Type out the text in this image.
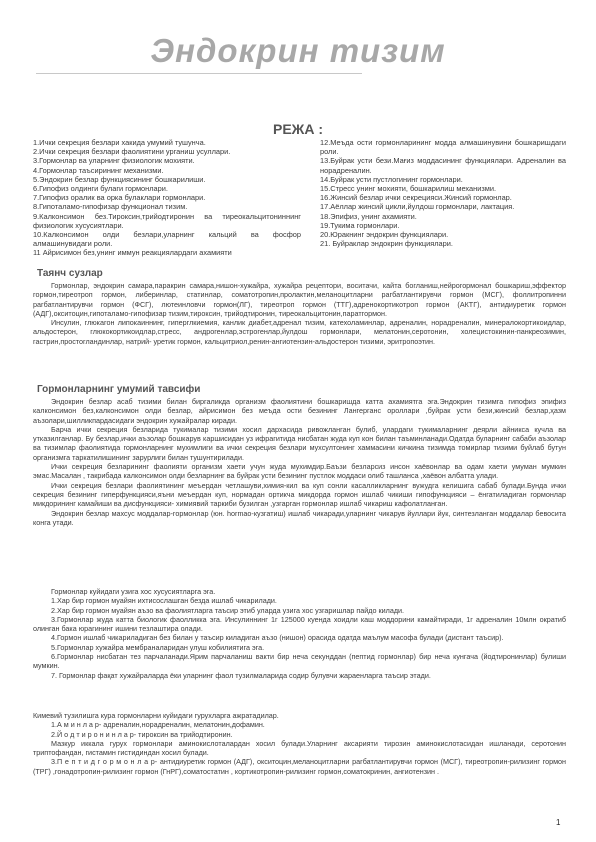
Эндокрин тизим
РЕЖА :
1.Ички секреция безлари хакида умумий тушунча.
2.Ички секреция безлари фаолиятини урганиш усуллари.
3.Гормонлар ва уларнинг физиологик мохияти.
4.Гормонлар таъсирининг механизми.
5.Эндокрин безлар функциясининг бошкарилиши.
6.Гипофиз олдинги булаги гормонлари.
7.Гипофиз оралик ва орка булаклари гормонлари.
8.Гипоталамо-гипофизар функционал тизим.
9.Калконсимон без.Тироксин,трийодтиронин ва тиреокальцитониннинг физиологик хусусиятлари.
10.Калконсимон олди безлари,уларнинг кальций ва фосфор алмашинувидаги роли.
11 Айрисимон без,унинг иммун реакциялардаги ахамияти
12.Меъда ости гормонларининг модда алмашинувини бошкаришдаги роли.
13.Буйрак усти бези.Мағиз моддасининг функциялари. Адреналин ва норадреналин.
14.Буйрак усти пустлогининг гормонлари.
15.Стресс унинг мохияти, бошкарилиш механизми.
16.Жинсий безлар ички секрецияси.Жинсий гормонлар.
17.Аёллар жинсий цикли,йулдош гормонлари, лактация.
18.Эпифиз, унинг ахамияти.
19.Тукима гормонлари.
20.Юракнинг эндокрин функциялари.
21. Буйраклар эндокрин функциялари.
Таянч сузлар

Гормонлар, эндокрин самара,паракрин самара,нишон-хужайра, хужайра рецептори, воситачи, кайта богланиш,нейрогормонал бошкариш,эффектор гормон,тиреотроп гормон, либеринлар, статинлар, соматотропин,пролактин,меланоцитларни рагбатлантирувчи гормон (МСГ), фоллитропинни рагбатлантирувчи гормон (ФСГ), лютеинловчи гормон(ЛГ), тиреотроп гормон (ТТГ),адренокортикотроп гормон (АКТГ), антидиуретик гормон (АДГ),окситоцин,гипоталамо-гипофизар тизим,тироксин, трийодтиронин, тиреокальцитонин,паратгормон.

Инсулин, глюкагон липокаиннинг, гиперглкиемия, канлик диабет,адренал тизим, катехоламинлар, адреналин, норадреналин, минералокортикоидлар, альдостерон, глюкокортикоидлар,стресс, андрогенлар,эстрогенлар,йулдош гормонлари, мелатонин,серотонин, холецистокинин-панкреозимин, гастрин,простогландинлар, натрий- уретик гормон, кальцитриол,ренин-ангиотензин-альдостерон тизими, эритропоэтин.

Гормонларнинг умумий тавсифи

Эндокрин безлар асаб тизими билан биргаликда организм фаолиятини бошкаришда катта ахамиятга эга.Эндокрин тизимга гипофиз эпифиз калконсимон без,калконсимон олди безлар, айрисимон без меъда ости безининг Лангерганс ороллари ,буйрак усти бези,жинсий безлар,ҳазм аъзолари,шилликпардасидаги эндокрин хужайралар киради.

Барча ички секреция безларида тукималар тизими хосил дархасида ривожланган булиб, улардаги тукималарнинг деярли айникса кучла ва утказилганлар. Бу безлар,ички аъзолар бошкарув каршисидан уз ифрагитида нисбатан жуда куп кон билан таъминланади.Одатда буларнинг сабаби аъзолар ва тизимлар фаолиятида гормонларнинг мухимлиги ва ички секреция безлари мухсултонинг хаммасини кичкина тизимда томирлар тизими буйлаб бутун организмга таркатилишининг зарурлиги билан тушунтирилади.

Ички секреция безларининг фаолияти организм хаети учун жуда мухимдир.Баъзи безларсиз инсон хаёвонлар ва одам хаети умуман мумкин эмас.Масалан , такрибада калконсимон олди безларнинг ва буйрак усти безининг пустлок моддаси олиб ташланса ,хаёвон албатта улади.

Ички секреция безлари фаолиятининг меъердан четлашуви,химия-кил ва куп сонли касалликларнинг вужудга келишига сабаб булади.Бунда ички секреция безининг гиперфункцияси,яъни меъердан куп, нормадан ортикча микдорда гормон ишлаб чикиши гипофункцияси – ёнгатиладиган гормонлар микдорининг камайиши ва дисфункцияси- химиявий таркиби бузилган ,узгарган гормонлар ишлаб чикариш кафолатланган.

Эндокрин безлар махсус моддалар-гормонлар (юн. hormao-кузгатиш) ишлаб чикаради,уларнинг чикарув йуллари йук, синтезланган моддалар бевосита конга утади.

Гормонлар куйидаги узига хос хусусиятларга эга.

1.Хар бир гормон муайян ихтисослашган безда ишлаб чикарилади.

2.Хар бир гормон муайян аъзо ва фаолиятларга таъсир этиб уларда узига хос узгаришлар пайдо килади.

3.Гормонлар жуда катта биологик фаолликка эга. Инсулиннинг 1г 125000 куенда хоидли каш моддорини камайтиради, 1г адреналин 10млн ократиб олинган бака юрагининг ишини тезлаштира олади.

4.Гормон ишлаб чикариладиган без билан у таъсир киладиган аъзо (нишон) орасида одатда маълум масофа булади (дистант таъсир).

5.Гормонлар хужайра мембраналаридан улуш кобилиятига эга.

6.Гормонлар нисбатан тез парчаланади.Ярим парчаланиш вакти бир неча секунддан (пептид гормонлар) бир неча кунгача (йодтиронинлар) булиши мумкин.

7. Гормонлар фақат хужайраларда ёки уларнинг фаол тузилмаларида содир булувчи жараенларга таъсир этади.

Кимевий тузилишга кура гормонларни куйидаги гурухларга ажратадилар.

1.А м и н л а р- адреналин,норадреналин, мелатонин,дофамин.

2.Й о д т и р о н и н л а р- тироксин ва трийодтиронин.

Мазкур иккала гурух гормонлари аминокислоталардан хосил булади.Уларнинг аксарияти тирозин аминокислотасидан ишланади, серотонин триптофандан, гистамин гистидиндан хосил булади.

3.П е п т и д г о р м о н л а р- антидиуретик гормон (АДГ), окситоцин,меланоцитларни рагбатлантирувчи гормон (МСГ), тиреотропин-рилизинг гормон (ТРГ) ,гонадотропин-рилизинг гормон (ГнРГ),соматостатин , кортикотропин-рилизинг гормон,соматокринин, ангиотензин .

1
